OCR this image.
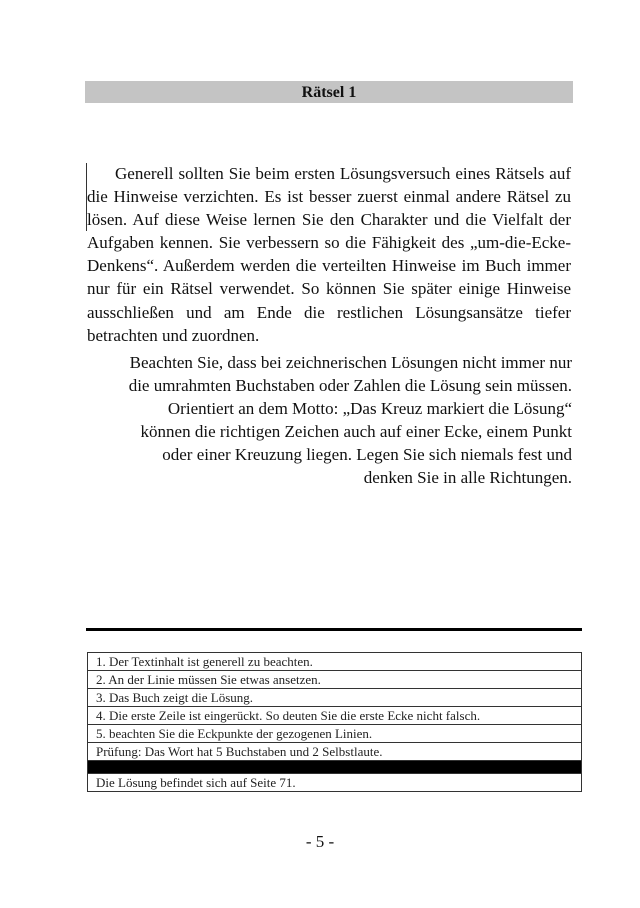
Rätsel 1

Generell sollten Sie beim ersten Lösungsversuch eines Rätsels auf die Hinweise verzichten. Es ist besser zuerst einmal andere Rätsel zu lösen. Auf diese Weise lernen Sie den Charakter und die Vielfalt der Aufgaben kennen. Sie verbessern so die Fähigkeit des „um-die-Ecke-Denkens“. Außerdem werden die verteilten Hinweise im Buch immer nur für ein Rätsel verwendet. So können Sie später einige Hinweise ausschließen und am Ende die restlichen Lösungsansätze tiefer betrachten und zuordnen.

Beachten Sie, dass bei zeichnerischen Lösungen nicht immer nur
die umrahmten Buchstaben oder Zahlen die Lösung sein müssen.
Orientiert an dem Motto: „Das Kreuz markiert die Lösung“
können die richtigen Zeichen auch auf einer Ecke, einem Punkt
oder einer Kreuzung liegen. Legen Sie sich niemals fest und
denken Sie in alle Richtungen.
1. Der Textinhalt ist generell zu beachten.
2. An der Linie müssen Sie etwas ansetzen.
3. Das Buch zeigt die Lösung.
4. Die erste Zeile ist eingerückt. So deuten Sie die erste Ecke nicht falsch.
5. beachten Sie die Eckpunkte der gezogenen Linien.
Prüfung: Das Wort hat 5 Buchstaben und 2 Selbstlaute.

Die Lösung befindet sich auf Seite 71.
- 5 -
